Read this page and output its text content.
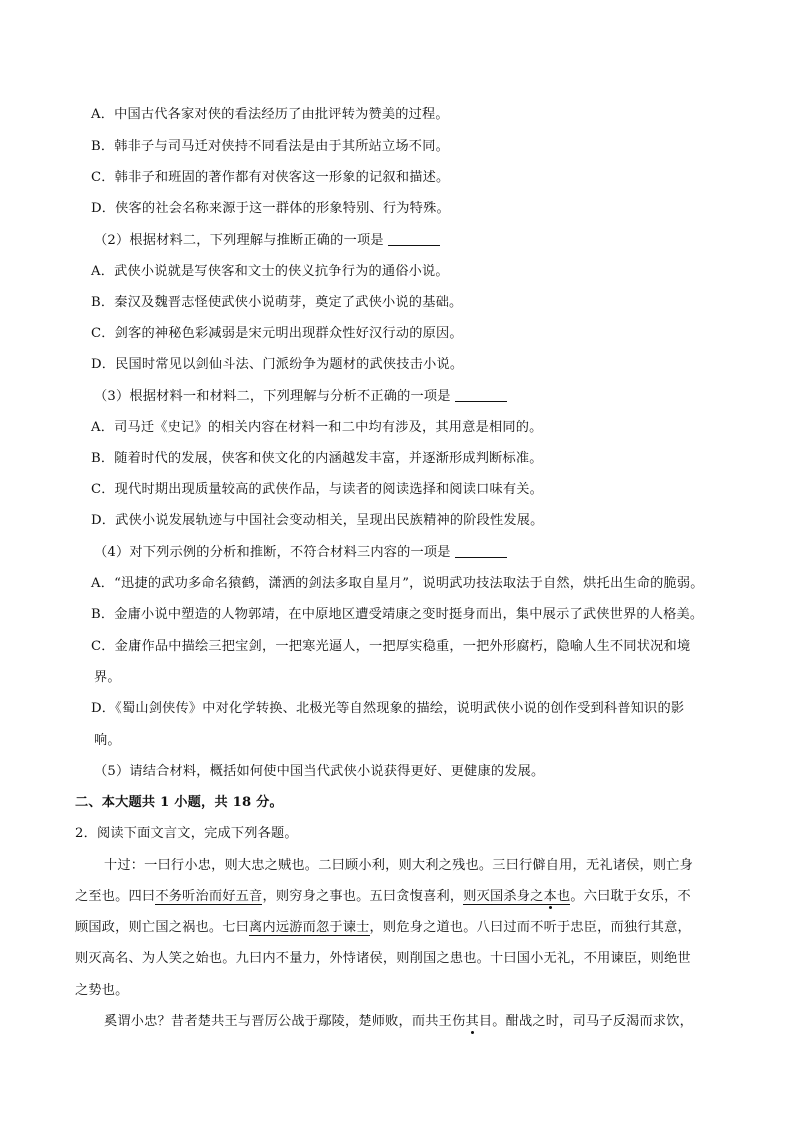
A．中国古代各家对侠的看法经历了由批评转为赞美的过程。
B．韩非子与司马迁对侠持不同看法是由于其所站立场不同。
C．韩非子和班固的著作都有对侠客这一形象的记叙和描述。
D．侠客的社会名称来源于这一群体的形象特别、行为特殊。
（2）根据材料二，下列理解与推断正确的一项是
A．武侠小说就是写侠客和文士的侠义抗争行为的通俗小说。
B．秦汉及魏晋志怪使武侠小说萌芽，奠定了武侠小说的基础。
C．剑客的神秘色彩减弱是宋元明出现群众性好汉行动的原因。
D．民国时常见以剑仙斗法、门派纷争为题材的武侠技击小说。
（3）根据材料一和材料二，下列理解与分析不正确的一项是
A．司马迁《史记》的相关内容在材料一和二中均有涉及，其用意是相同的。
B．随着时代的发展，侠客和侠文化的内涵越发丰富，并逐渐形成判断标准。
C．现代时期出现质量较高的武侠作品，与读者的阅读选择和阅读口味有关。
D．武侠小说发展轨迹与中国社会变动相关，呈现出民族精神的阶段性发展。
（4）对下列示例的分析和推断，不符合材料三内容的一项是
A．“迅捷的武功多命名猿鹤，潇洒的剑法多取自星月”，说明武功技法取法于自然，烘托出生命的脆弱。
B．金庸小说中塑造的人物郭靖，在中原地区遭受靖康之变时挺身而出，集中展示了武侠世界的人格美。
C．金庸作品中描绘三把宝剑，一把寒光逼人，一把厚实稳重，一把外形腐朽，隐喻人生不同状况和境
界。
D．《蜀山剑侠传》中对化学转换、北极光等自然现象的描绘，说明武侠小说的创作受到科普知识的影
响。
（5）请结合材料，概括如何使中国当代武侠小说获得更好、更健康的发展。
二、本大题共 1 小题，共 18 分。
2．阅读下面文言文，完成下列各题。
十过：一曰行小忠，则大忠之贼也。二曰顾小利，则大利之残也。三曰行僻自用，无礼诸侯，则亡身
之至也。四曰不务听治而好五音，则穷身之事也。五曰贪愎喜利，则灭国杀身之本也。六曰耽于女乐，不
顾国政，则亡国之祸也。七曰离内远游而忽于谏士，则危身之道也。八曰过而不听于忠臣，而独行其意，
则灭高名、为人笑之始也。九曰内不量力，外恃诸侯，则削国之患也。十曰国小无礼，不用谏臣，则绝世
之势也。
奚谓小忠？昔者楚共王与晋厉公战于鄢陵，楚师败，而共王伤其目。酣战之时，司马子反渴而求饮，
